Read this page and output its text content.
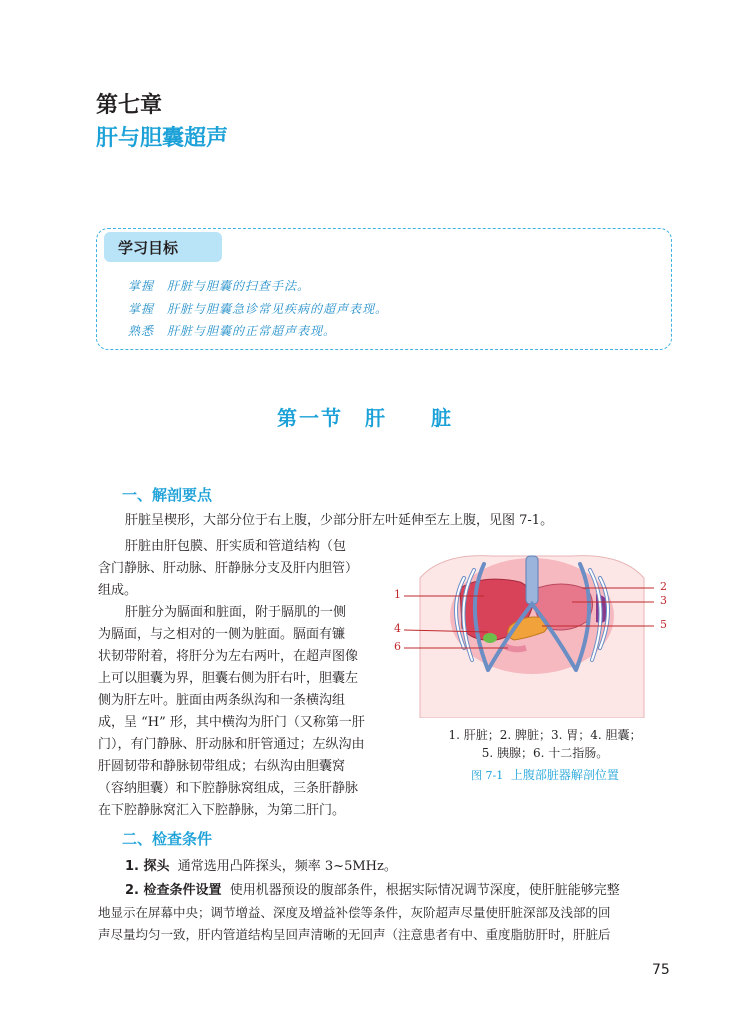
第七章
肝与胆囊超声
学习目标
掌握　肝脏与胆囊的扫查手法。
掌握　肝脏与胆囊急诊常见疾病的超声表现。
熟悉　肝脏与胆囊的正常超声表现。
第一节　肝　　脏
一、解剖要点
肝脏呈楔形，大部分位于右上腹，少部分肝左叶延伸至左上腹，见图 7-1。
肝脏由肝包膜、肝实质和管道结构（包
含门静脉、肝动脉、肝静脉分支及肝内胆管）
组成。
肝脏分为膈面和脏面，附于膈肌的一侧
为膈面，与之相对的一侧为脏面。膈面有镰
状韧带附着，将肝分为左右两叶，在超声图像
上可以胆囊为界，胆囊右侧为肝右叶，胆囊左
侧为肝左叶。脏面由两条纵沟和一条横沟组
成，呈 “H” 形，其中横沟为肝门（又称第一肝
门），有门静脉、肝动脉和肝管通过；左纵沟由
肝圆韧带和静脉韧带组成；右纵沟由胆囊窝
（容纳胆囊）和下腔静脉窝组成，三条肝静脉
在下腔静脉窝汇入下腔静脉，为第二肝门。
1
2
3
4	5
6
1. 肝脏；2. 脾脏；3. 胃；4. 胆囊；
5. 胰腺；6. 十二指肠。
图 7-1 上腹部脏器解剖位置
二、检查条件
1. 探头 通常选用凸阵探头，频率 3~5MHz。
2. 检查条件设置 使用机器预设的腹部条件，根据实际情况调节深度，使肝脏能够完整
地显示在屏幕中央；调节增益、深度及增益补偿等条件，灰阶超声尽量使肝脏深部及浅部的回
声尽量均匀一致，肝内管道结构呈回声清晰的无回声（注意患者有中、重度脂肪肝时，肝脏后
75
